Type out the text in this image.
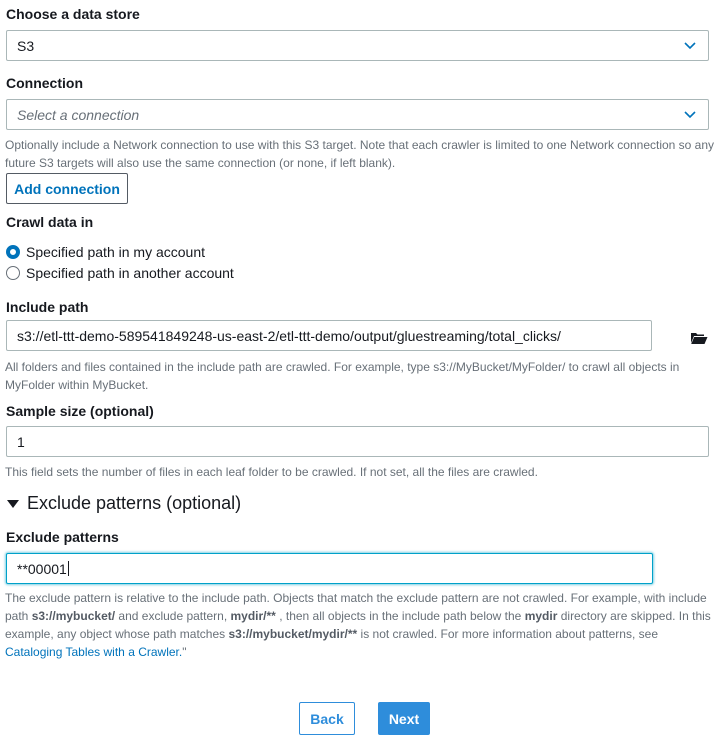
Choose a data store
S3
Connection
Select a connection
Optionally include a Network connection to use with this S3 target. Note that each crawler is limited to one Network connection so any future S3 targets will also use the same connection (or none, if left blank).
Add connection
Crawl data in
Specified path in my account
Specified path in another account
Include path
s3://etl-ttt-demo-589541849248-us-east-2/etl-ttt-demo/output/gluestreaming/total_clicks/
All folders and files contained in the include path are crawled. For example, type s3://MyBucket/MyFolder/ to crawl all objects in MyFolder within MyBucket.
Sample size (optional)
1
This field sets the number of files in each leaf folder to be crawled. If not set, all the files are crawled.
Exclude patterns (optional)
Exclude patterns
**00001
The exclude pattern is relative to the include path. Objects that match the exclude pattern are not crawled. For example, with include path s3://mybucket/ and exclude pattern, mydir/** , then all objects in the include path below the mydir directory are skipped. In this example, any object whose path matches s3://mybucket/mydir/** is not crawled. For more information about patterns, see Cataloging Tables with a Crawler."
Back	Next
